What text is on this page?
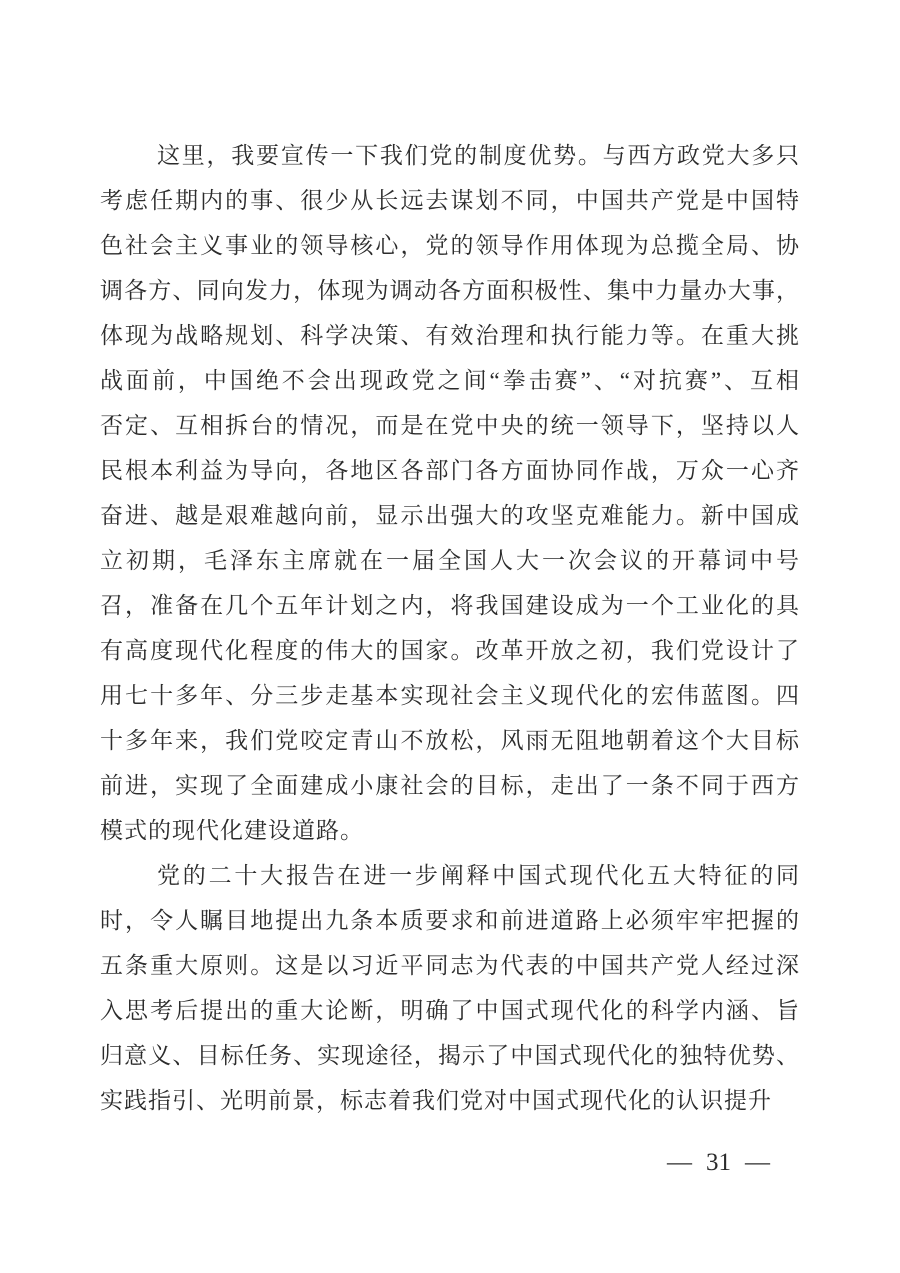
这里，我要宣传一下我们党的制度优势。与西方政党大多只
考虑任期内的事、很少从长远去谋划不同，中国共产党是中国特
色社会主义事业的领导核心，党的领导作用体现为总揽全局、协
调各方、同向发力，体现为调动各方面积极性、集中力量办大事，
体现为战略规划、科学决策、有效治理和执行能力等。在重大挑
战面前，中国绝不会出现政党之间“拳击赛”、“对抗赛”、互相
否定、互相拆台的情况，而是在党中央的统一领导下，坚持以人
民根本利益为导向，各地区各部门各方面协同作战，万众一心齐
奋进、越是艰难越向前，显示出强大的攻坚克难能力。新中国成
立初期，毛泽东主席就在一届全国人大一次会议的开幕词中号
召，准备在几个五年计划之内，将我国建设成为一个工业化的具
有高度现代化程度的伟大的国家。改革开放之初，我们党设计了
用七十多年、分三步走基本实现社会主义现代化的宏伟蓝图。四
十多年来，我们党咬定青山不放松，风雨无阻地朝着这个大目标
前进，实现了全面建成小康社会的目标，走出了一条不同于西方
模式的现代化建设道路。
党的二十大报告在进一步阐释中国式现代化五大特征的同
时，令人瞩目地提出九条本质要求和前进道路上必须牢牢把握的
五条重大原则。这是以习近平同志为代表的中国共产党人经过深
入思考后提出的重大论断，明确了中国式现代化的科学内涵、旨
归意义、目标任务、实现途径，揭示了中国式现代化的独特优势、
实践指引、光明前景，标志着我们党对中国式现代化的认识提升
— 31 —
